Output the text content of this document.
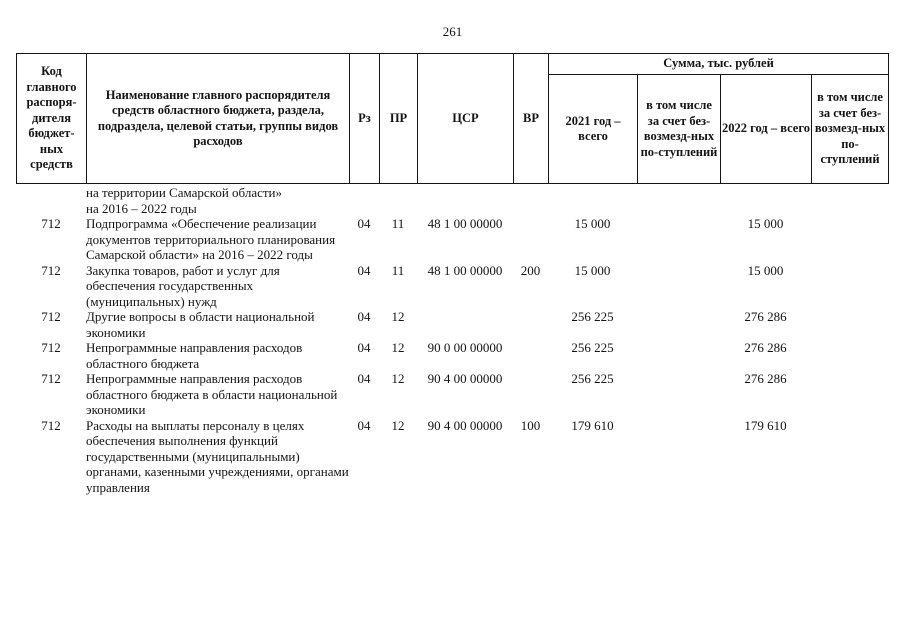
261
Код главного распоря-дителя бюджет-ных средств	Наименование главного распорядителя средств областного бюджета, раздела, подраздела, целевой статьи, группы видов расходов	Рз	ПР	ЦСР	ВР	Сумма, тыс. рублей			
						2021 год – всего	в том числе за счет без-возмезд-ных по-ступлений	2022 год – всего	в том числе за счет без-возмезд-ных по-ступлений

	на территории Самарской области»
на 2016 – 2022 годы								

712	Подпрограмма «Обеспечение реализации документов территориального планирования Самарской области» на 2016 – 2022 годы	04	11	48 1 00 00000		15 000		15 000	
712	Закупка товаров, работ и услуг для обеспечения государственных (муниципальных) нужд	04	11	48 1 00 00000	200	15 000		15 000	
712	Другие вопросы в области национальной экономики	04	12			256 225		276 286	
712	Непрограммные направления расходов областного бюджета	04	12	90 0 00 00000		256 225		276 286	
712	Непрограммные направления расходов областного бюджета в области национальной экономики	04	12	90 4 00 00000		256 225		276 286	
712	Расходы на выплаты персоналу в целях обеспечения выполнения функций государственными (муниципальными) органами, казенными учреждениями, органами управления	04	12	90 4 00 00000	100	179 610		179 610	
